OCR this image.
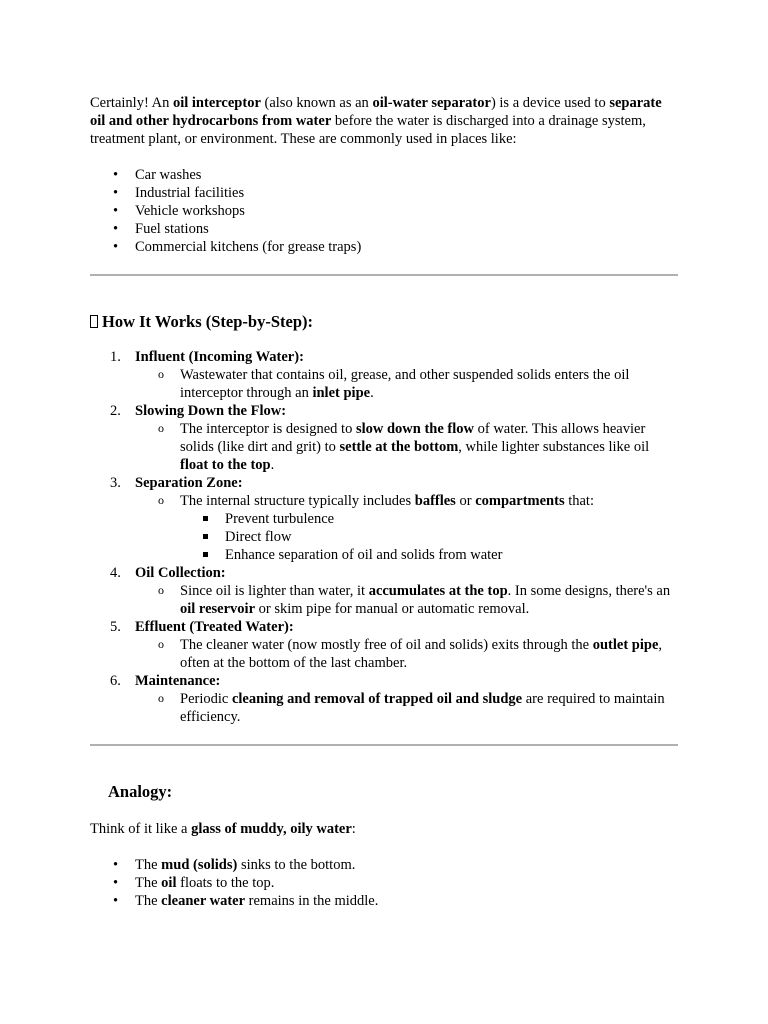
Certainly! An oil interceptor (also known as an oil-water separator) is a device used to separate oil and other hydrocarbons from water before the water is discharged into a drainage system, treatment plant, or environment. These are commonly used in places like:

• Car washes
• Industrial facilities
• Vehicle workshops
• Fuel stations
• Commercial kitchens (for grease traps)
How It Works (Step-by-Step):
1. Influent (Incoming Water):
o Wastewater that contains oil, grease, and other suspended solids enters the oil interceptor through an inlet pipe.
2. Slowing Down the Flow:
o The interceptor is designed to slow down the flow of water. This allows heavier solids (like dirt and grit) to settle at the bottom, while lighter substances like oil float to the top.
3. Separation Zone:
o The internal structure typically includes baffles or compartments that:
Prevent turbulence
Direct flow
Enhance separation of oil and solids from water
4. Oil Collection:
o Since oil is lighter than water, it accumulates at the top. In some designs, there's an oil reservoir or skim pipe for manual or automatic removal.
5. Effluent (Treated Water):
o The cleaner water (now mostly free of oil and solids) exits through the outlet pipe, often at the bottom of the last chamber.
6. Maintenance:
o Periodic cleaning and removal of trapped oil and sludge are required to maintain efficiency.
Analogy:

Think of it like a glass of muddy, oily water:

• The mud (solids) sinks to the bottom.
• The oil floats to the top.
• The cleaner water remains in the middle.
